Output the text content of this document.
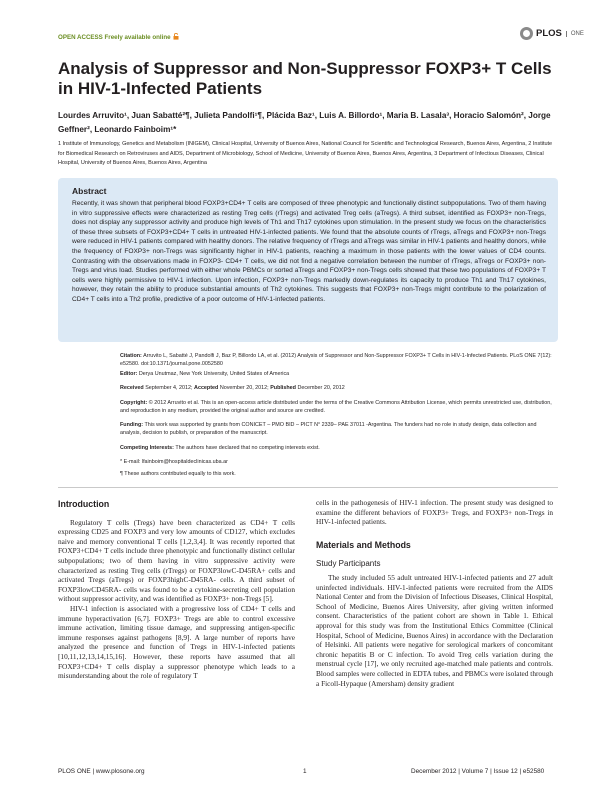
OPEN ACCESS Freely available online	PLOS	ONE
Analysis of Suppressor and Non-Suppressor FOXP3+ T Cells in HIV-1-Infected Patients
Lourdes Arruvito¹, Juan Sabatté²¶, Julieta Pandolfi¹¶, Plácida Baz¹, Luis A. Billordo¹, Maria B. Lasala³, Horacio Salomón², Jorge Geffner², Leonardo Fainboim¹*
1 Institute of Immunology, Genetics and Metabolism (INIGEM), Clinical Hospital, University of Buenos Aires, National Council for Scientific and Technological Research, Buenos Aires, Argentina, 2 Institute for Biomedical Research on Retroviruses and AIDS, Department of Microbiology, School of Medicine, University of Buenos Aires, Buenos Aires, Argentina, 3 Department of Infectious Diseases, Clinical Hospital, University of Buenos Aires, Buenos Aires, Argentina
Abstract
Recently, it was shown that peripheral blood FOXP3+CD4+ T cells are composed of three phenotypic and functionally distinct subpopulations. Two of them having in vitro suppressive effects were characterized as resting Treg cells (rTregs) and activated Treg cells (aTregs). A third subset, identified as FOXP3+ non-Tregs, does not display any suppressor activity and produce high levels of Th1 and Th17 cytokines upon stimulation. In the present study we focus on the characteristics of these three subsets of FOXP3+CD4+ T cells in untreated HIV-1-infected patients. We found that the absolute counts of rTregs, aTregs and FOXP3+ non-Tregs were reduced in HIV-1 patients compared with healthy donors. The relative frequency of rTregs and aTregs was similar in HIV-1 patients and healthy donors, while the frequency of FOXP3+ non-Tregs was significantly higher in HIV-1 patients, reaching a maximum in those patients with the lower values of CD4 counts. Contrasting with the observations made in FOXP3- CD4+ T cells, we did not find a negative correlation between the number of rTregs, aTregs or FOXP3+ non-Tregs and virus load. Studies performed with either whole PBMCs or sorted aTregs and FOXP3+ non-Tregs cells showed that these two populations of FOXP3+ T cells were highly permissive to HIV-1 infection. Upon infection, FOXP3+ non-Tregs markedly down-regulates its capacity to produce Th1 and Th17 cytokines, however, they retain the ability to produce substantial amounts of Th2 cytokines. This suggests that FOXP3+ non-Tregs might contribute to the polarization of CD4+ T cells into a Th2 profile, predictive of a poor outcome of HIV-1-infected patients.
Citation: Arruvito L, Sabatté J, Pandolfi J, Baz P, Billordo LA, et al. (2012) Analysis of Suppressor and Non-Suppressor FOXP3+ T Cells in HIV-1-Infected Patients. PLoS ONE 7(12): e52580. doi:10.1371/journal.pone.0052580
Editor: Derya Unutmaz, New York University, United States of America
Received September 4, 2012; Accepted November 20, 2012; Published December 20, 2012
Copyright: © 2012 Arruvito et al. This is an open-access article distributed under the terms of the Creative Commons Attribution License, which permits unrestricted use, distribution, and reproduction in any medium, provided the original author and source are credited.
Funding: This work was supported by grants from CONICET – PMO BID – PICT N° 2339– PAE 37011 -Argentina. The funders had no role in study design, data collection and analysis, decision to publish, or preparation of the manuscript.
Competing Interests: The authors have declared that no competing interests exist.
* E-mail: lfainboim@hospitaldeclinicas.uba.ar
¶ These authors contributed equally to this work.
Introduction

Regulatory T cells (Tregs) have been characterized as CD4+ T cells expressing CD25 and FOXP3 and very low amounts of CD127, which excludes naive and memory conventional T cells [1,2,3,4]. It was recently reported that FOXP3+CD4+ T cells include three phenotypic and functionally distinct cellular subpopulations; two of them having in vitro suppressive activity were characterized as resting Treg cells (rTregs) or FOXP3lowC-D45RA+ cells and activated Tregs (aTregs) or FOXP3highC-D45RA- cells. A third subset of FOXP3lowCD45RA- cells was found to be a cytokine-secreting cell population without suppressor activity, and was identified as FOXP3+ non-Tregs [5].

HIV-1 infection is associated with a progressive loss of CD4+ T cells and immune hyperactivation [6,7]. FOXP3+ Tregs are able to control excessive immune activation, limiting tissue damage, and suppressing antigen-specific immune responses against pathogens [8,9]. A large number of reports have analyzed the presence and function of Tregs in HIV-1-infected patients [10,11,12,13,14,15,16]. However, these reports have assumed that all FOXP3+CD4+ T cells display a suppressor phenotype which leads to a misunderstanding about the role of regulatory T

cells in the pathogenesis of HIV-1 infection. The present study was designed to examine the different behaviors of FOXP3+ Tregs, and FOXP3+ non-Tregs in HIV-1-infected patients.

Materials and Methods
Study Participants

The study included 55 adult untreated HIV-1-infected patients and 27 adult uninfected individuals. HIV-1-infected patients were recruited from the AIDS National Center and from the Division of Infectious Diseases, Clinical Hospital, School of Medicine, Buenos Aires University, after giving written informed consent. Characteristics of the patient cohort are shown in Table 1. Ethical approval for this study was from the Institutional Ethics Committee (Clinical Hospital, School of Medicine, Buenos Aires) in accordance with the Declaration of Helsinki. All patients were negative for serological markers of concomitant chronic hepatitis B or C infection. To avoid Treg cells variation during the menstrual cycle [17], we only recruited age-matched male patients and controls. Blood samples were collected in EDTA tubes, and PBMCs were isolated through a Ficoll-Hypaque (Amersham) density gradient

PLOS ONE | www.plosone.org	1	December 2012 | Volume 7 | Issue 12 | e52580
